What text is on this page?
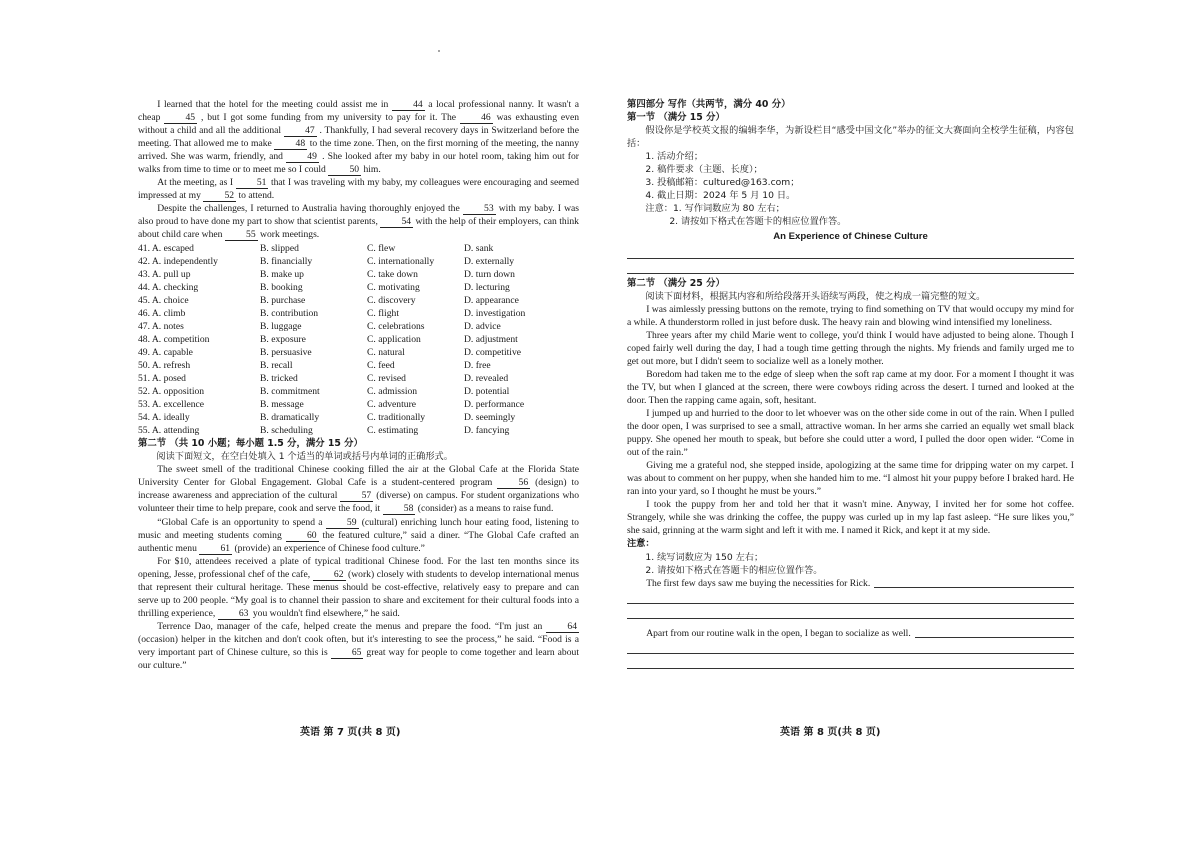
I learned that the hotel for the meeting could assist me in	44 a local professional nanny. It wasn't a cheap	45 , but I got some funding from my university to pay for it. The	46 was exhausting even without a child and all the additional	47 . Thankfully, I had several recovery days in Switzerland before the meeting. That allowed me to make 48 to the time zone. Then, on the first morning of the meeting, the nanny arrived. She was warm, friendly, and	49 . She looked after my baby in our hotel room, taking him out for walks from time to time or to meet me so I could 50 him.

At the meeting, as I 51 that I was traveling with my baby, my colleagues were encouraging and seemed impressed at my 52 to attend.

Despite the challenges, I returned to Australia having thoroughly enjoyed the	53 with my baby. I was also proud to have done my part to show that scientist parents, 54 with the help of their employers, can think about child care when 55 work meetings.

41. A. escaped	B. slipped	C. flew	D. sank
42. A. independently	B. financially	C. internationally	D. externally
43. A. pull up	B. make up	C. take down	D. turn down
44. A. checking	B. booking	C. motivating	D. lecturing
45. A. choice	B. purchase	C. discovery	D. appearance
46. A. climb	B. contribution	C. flight	D. investigation
47. A. notes	B. luggage	C. celebrations	D. advice
48. A. competition	B. exposure	C. application	D. adjustment
49. A. capable	B. persuasive	C. natural	D. competitive
50. A. refresh	B. recall	C. feed	D. free
51. A. posed	B. tricked	C. revised	D. revealed
52. A. opposition	B. commitment	C. admission	D. potential
53. A. excellence	B. message	C. adventure	D. performance
54. A. ideally	B. dramatically	C. traditionally	D. seemingly
55. A. attending	B. scheduling	C. estimating	D. fancying
第二节 （共 10 小题；每小题 1.5 分，满分 15 分）

阅读下面短文，在空白处填入 1 个适当的单词或括号内单词的正确形式。

The sweet smell of the traditional Chinese cooking filled the air at the Global Cafe at the Florida State University Center for Global Engagement. Global Cafe is a student-centered program	56 (design) to increase awareness and appreciation of the cultural	57 (diverse) on campus. For student organizations who volunteer their time to help prepare, cook and serve the food, it 58 (consider) as a means to raise fund.

“Global Cafe is an opportunity to spend a	59 (cultural) enriching lunch hour eating food, listening to music and meeting students coming	60 the featured culture,” said a diner. “The Global Cafe crafted an authentic menu 61 (provide) an experience of Chinese food culture.”

For $10, attendees received a plate of typical traditional Chinese food. For the last ten months since its opening, Jesse, professional chef of the cafe, 62 (work) closely with students to develop international menus that represent their cultural heritage. These menus should be cost-effective, relatively easy to prepare and can serve up to 200 people. “My goal is to channel their passion to share and excitement for their cultural foods into a thrilling experience, 63 you wouldn't find elsewhere,” he said.

Terrence Dao, manager of the cafe, helped create the menus and prepare the food. “I'm just an	64 (occasion) helper in the kitchen and don't cook often, but it's interesting to see the process,” he said. “Food is a very important part of Chinese culture, so this is	65 great way for people to come together and learn about our culture.”

英语 第 7 页(共 8 页)
第四部分 写作（共两节，满分 40 分）
第一节 （满分 15 分）

假设你是学校英文报的编辑李华，为新设栏目“感受中国文化”举办的征文大赛面向全校学生征稿，内容包括：

1. 活动介绍；
2. 稿件要求（主题、长度）；
3. 投稿邮箱：cultured@163.com；
4. 截止日期：2024 年 5 月 10 日。
注意：1. 写作词数应为 80 左右；
2. 请按如下格式在答题卡的相应位置作答。
An Experience of Chinese Culture
第二节 （满分 25 分）

阅读下面材料，根据其内容和所给段落开头语续写两段，使之构成一篇完整的短文。

I was aimlessly pressing buttons on the remote, trying to find something on TV that would occupy my mind for a while. A thunderstorm rolled in just before dusk. The heavy rain and blowing wind intensified my loneliness.

Three years after my child Marie went to college, you'd think I would have adjusted to being alone. Though I coped fairly well during the day, I had a tough time getting through the nights. My friends and family urged me to get out more, but I didn't seem to socialize well as a lonely mother.

Boredom had taken me to the edge of sleep when the soft rap came at my door. For a moment I thought it was the TV, but when I glanced at the screen, there were cowboys riding across the desert. I turned and looked at the door. Then the rapping came again, soft, hesitant.

I jumped up and hurried to the door to let whoever was on the other side come in out of the rain. When I pulled the door open, I was surprised to see a small, attractive woman. In her arms she carried an equally wet small black puppy. She opened her mouth to speak, but before she could utter a word, I pulled the door open wider. “Come in out of the rain.”

Giving me a grateful nod, she stepped inside, apologizing at the same time for dripping water on my carpet. I was about to comment on her puppy, when she handed him to me. “I almost hit your puppy before I braked hard. He ran into your yard, so I thought he must be yours.”

I took the puppy from her and told her that it wasn't mine. Anyway, I invited her for some hot coffee. Strangely, while she was drinking the coffee, the puppy was curled up in my lap fast asleep. “He sure likes you,” she said, grinning at the warm sight and left it with me. I named it Rick, and kept it at my side.

注意：
1. 续写词数应为 150 左右；
2. 请按如下格式在答题卡的相应位置作答。
The first few days saw me buying the necessities for Rick.
Apart from our routine walk in the open, I began to socialize as well.
英语 第 8 页(共 8 页)
